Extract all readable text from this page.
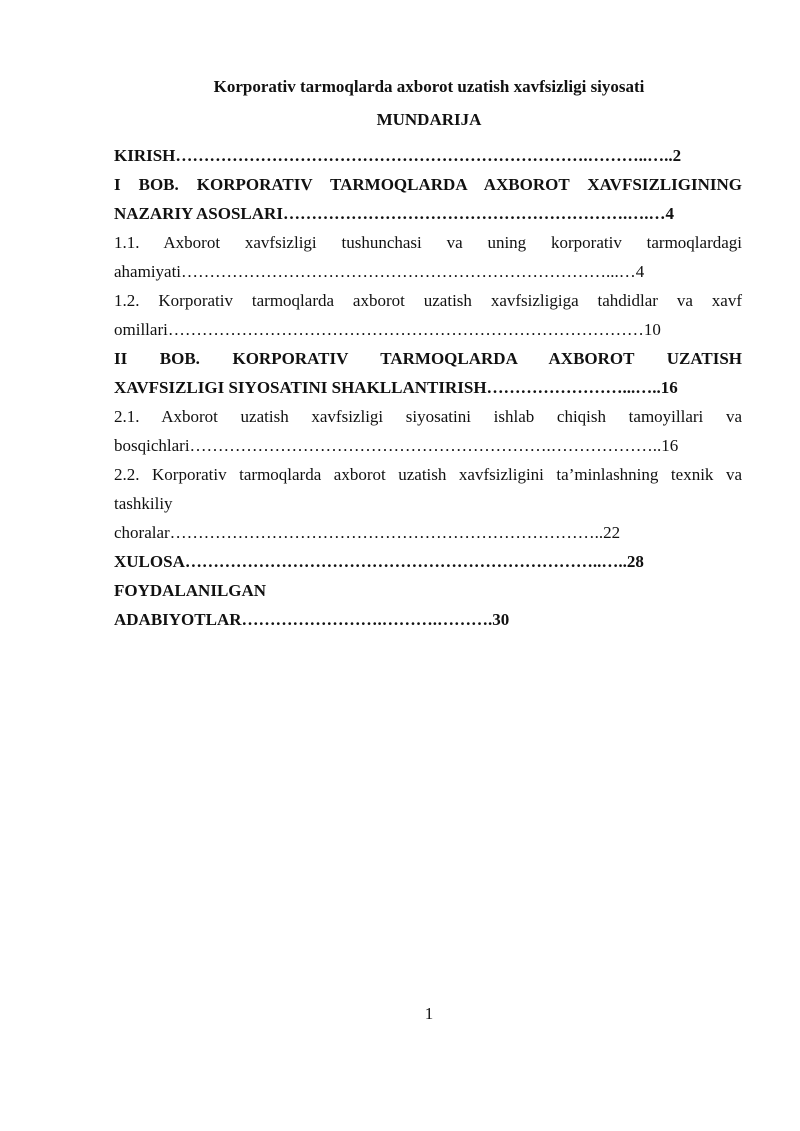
Korporativ tarmoqlarda axborot uzatish xavfsizligi siyosati
MUNDARIJA
KIRISH……………………………………………………………….………..…..2
I BOB. KORPORATIV TARMOQLARDA AXBOROT XAVFSIZLIGINING
NAZARIY ASOSLARI…………………………………………………….….…4
1.1. Axborot xavfsizligi tushunchasi va uning korporativ tarmoqlardagi
ahamiyati…………………………………………………………………...…4
1.2. Korporativ tarmoqlarda axborot uzatish xavfsizligiga tahdidlar va xavf
omillari…………………………………………………………………………10
II BOB. KORPORATIV TARMOQLARDA AXBOROT UZATISH
XAVFSIZLIGI SIYOSATINI SHAKLLANTIRISH……………………...…..16
2.1. Axborot uzatish xavfsizligi siyosatini ishlab chiqish tamoyillari va
bosqichlari……………………………………………………….………………..16
2.2. Korporativ tarmoqlarda axborot uzatish xavfsizligini ta’minlashning texnik va
tashkiliy
choralar…………………………………………………………………..22
XULOSA………………………………………………………………..…..28
FOYDALANILGAN
ADABIYOTLAR…………………….……….……….30
1
